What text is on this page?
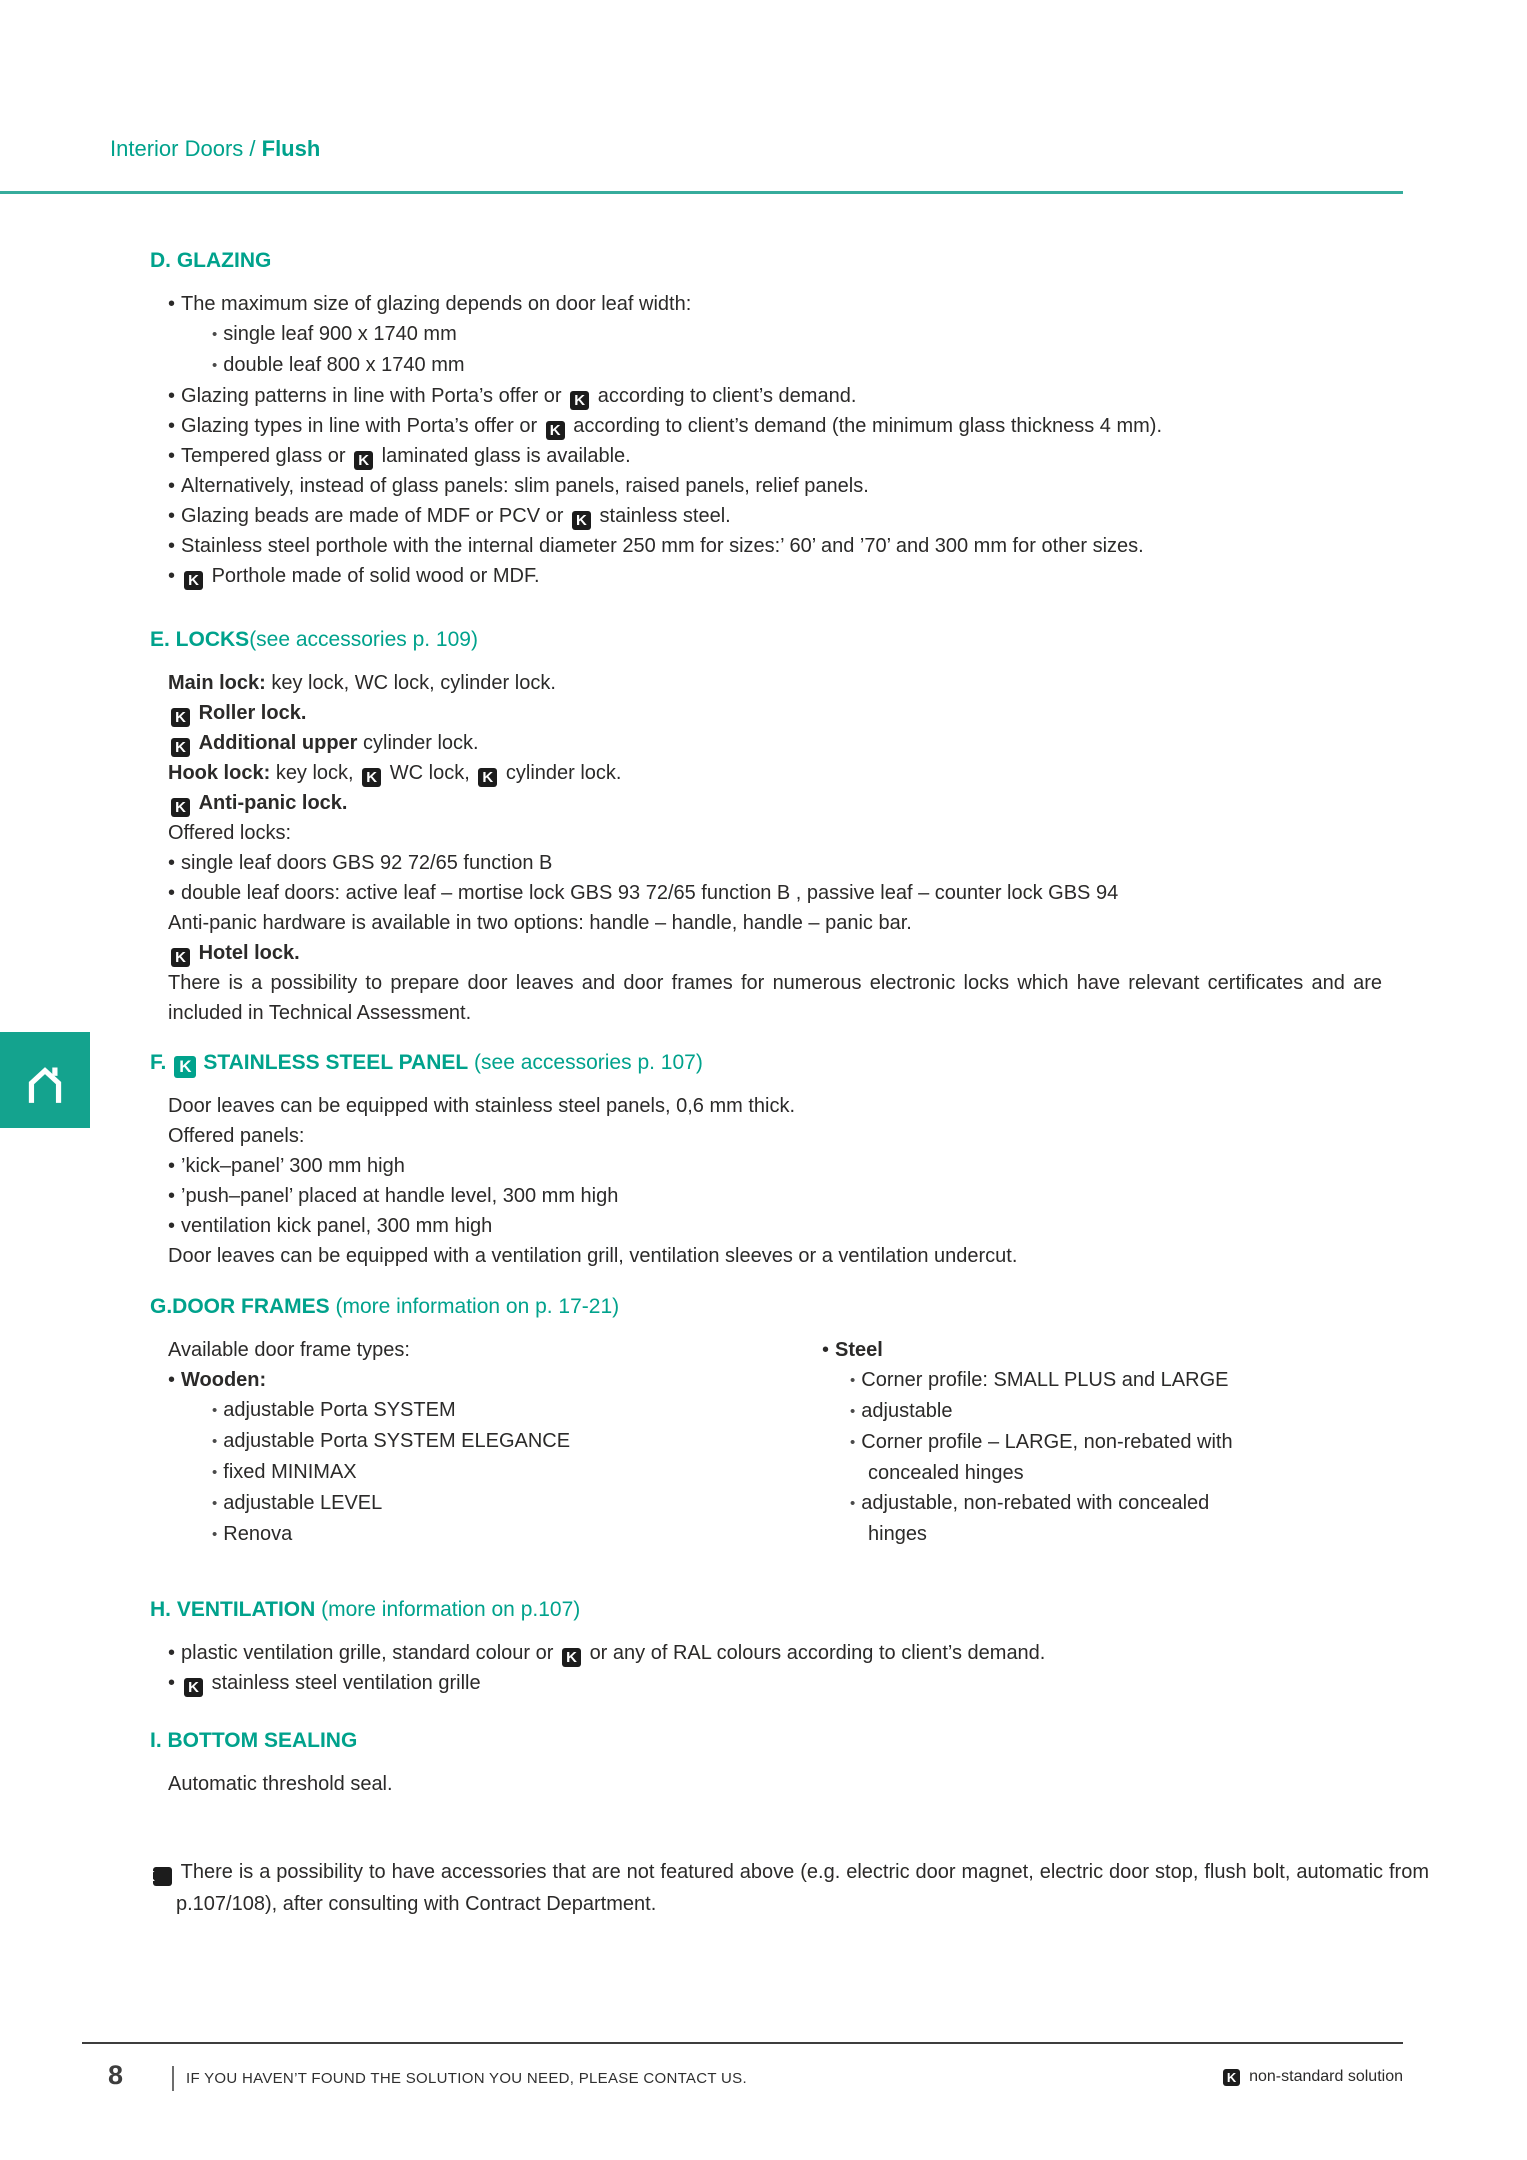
Interior Doors / Flush
D. GLAZING
• The maximum size of glazing depends on door leaf width:
• single leaf 900 x 1740 mm
• double leaf 800 x 1740 mm
• Glazing patterns in line with Porta’s offer or K according to client’s demand.
• Glazing types in line with Porta’s offer or K according to client’s demand (the minimum glass thickness 4 mm).
• Tempered glass or K laminated glass is available.
• Alternatively, instead of glass panels: slim panels, raised panels, relief panels.
• Glazing beads are made of MDF or PCV or K stainless steel.
• Stainless steel porthole with the internal diameter 250 mm for sizes:’ 60’ and ’70’ and 300 mm for other sizes.
• K Porthole made of solid wood or MDF.
E. LOCKS(see accessories p. 109)
Main lock: key lock, WC lock, cylinder lock.
K Roller lock.
K Additional upper cylinder lock.
Hook lock: key lock, K WC lock, K cylinder lock.
K Anti-panic lock.
Offered locks:
• single leaf doors GBS 92 72/65 function B
• double leaf doors: active leaf – mortise lock GBS 93 72/65 function B , passive leaf – counter lock GBS 94
Anti-panic hardware is available in two options: handle – handle, handle – panic bar.
K Hotel lock.
There is a possibility to prepare door leaves and door frames for numerous electronic locks which have relevant certificates and are included in Technical Assessment.
F. K STAINLESS STEEL PANEL (see accessories p. 107)
Door leaves can be equipped with stainless steel panels, 0,6 mm thick.
Offered panels:
• ’kick–panel’ 300 mm high
• ’push–panel’ placed at handle level, 300 mm high
• ventilation kick panel, 300 mm high
Door leaves can be equipped with a ventilation grill, ventilation sleeves or a ventilation undercut.
G.DOOR FRAMES (more information on p. 17-21)
Available door frame types:
• Wooden:
• adjustable Porta SYSTEM
• adjustable Porta SYSTEM ELEGANCE
• fixed MINIMAX
• adjustable LEVEL
• Renova
• Steel
• Corner profile: SMALL PLUS and LARGE
• adjustable
• Corner profile – LARGE, non-rebated with
concealed hinges
• adjustable, non-rebated with concealed
hinges
H. VENTILATION (more information on p.107)
• plastic ventilation grille, standard colour or K or any of RAL colours according to client’s demand.
• K stainless steel ventilation grille
I. BOTTOM SEALING
Automatic threshold seal.
K There is a possibility to have accessories that are not featured above (e.g. electric door magnet, electric door stop, flush bolt, automatic from p.107/108), after consulting with Contract Department.
8	IF YOU HAVEN’T FOUND THE SOLUTION YOU NEED, PLEASE CONTACT US.	K non-standard solution
